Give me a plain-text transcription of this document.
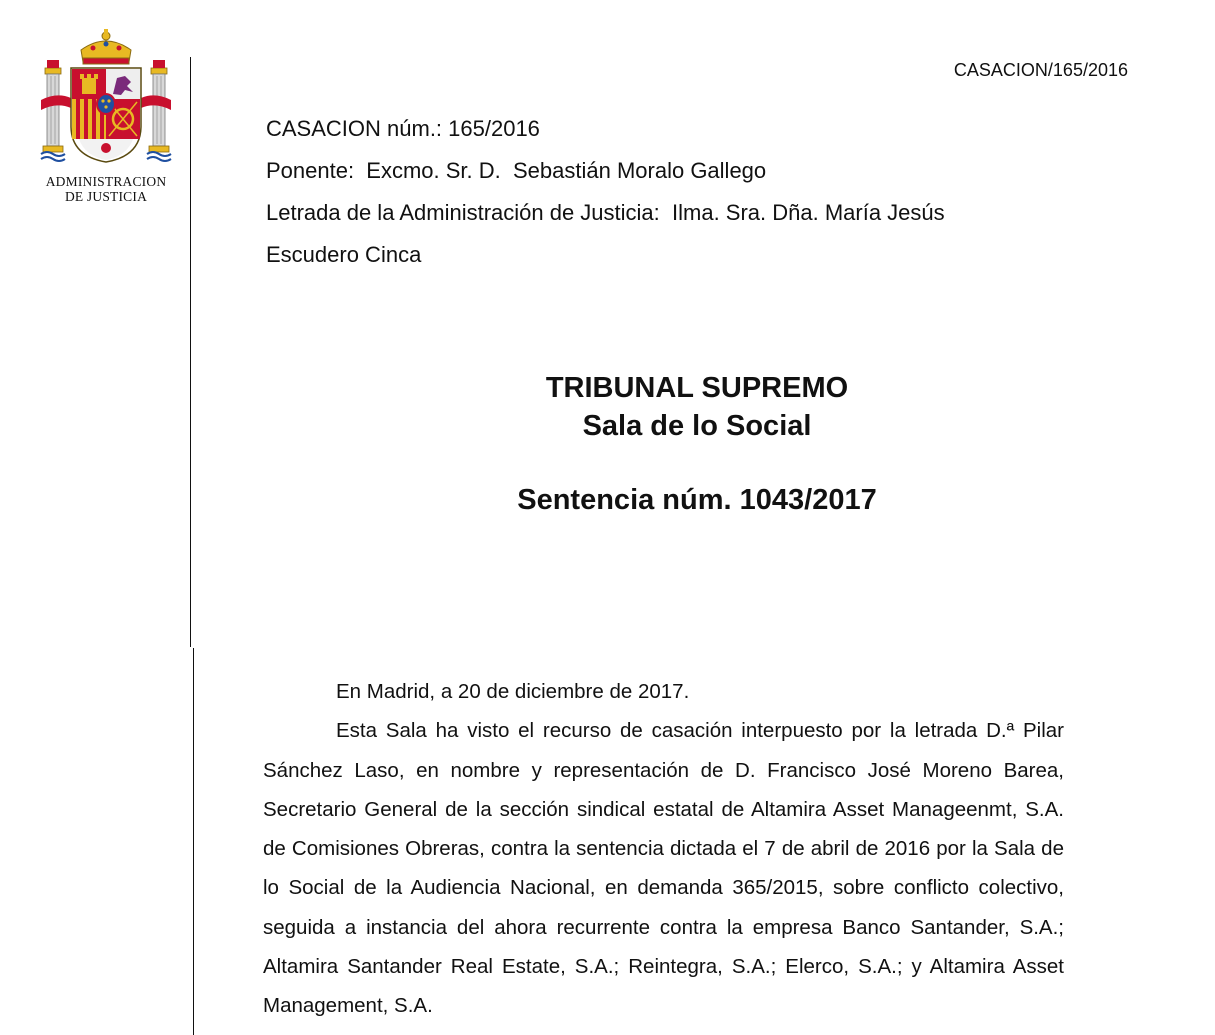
ADMINISTRACION
DE JUSTICIA
CASACION/165/2016
CASACION núm.: 165/2016
Ponente:  Excmo. Sr. D.  Sebastián Moralo Gallego
Letrada de la Administración de Justicia:  Ilma. Sra. Dña. María Jesús
Escudero Cinca
TRIBUNAL SUPREMO
Sala de lo Social
Sentencia núm. 1043/2017

En Madrid, a 20 de diciembre de 2017.

Esta Sala ha visto el recurso de casación interpuesto por la letrada D.ª Pilar Sánchez Laso, en nombre y representación de D. Francisco José Moreno Barea, Secretario General de la sección sindical estatal de Altamira Asset Manageenmt, S.A. de Comisiones Obreras, contra la sentencia dictada el 7 de abril de 2016 por la Sala de lo Social de la Audiencia Nacional, en demanda 365/2015, sobre conflicto colectivo, seguida a instancia del ahora recurrente contra la empresa Banco Santander, S.A.; Altamira Santander Real Estate, S.A.; Reintegra, S.A.; Elerco, S.A.; y Altamira Asset Management, S.A.
